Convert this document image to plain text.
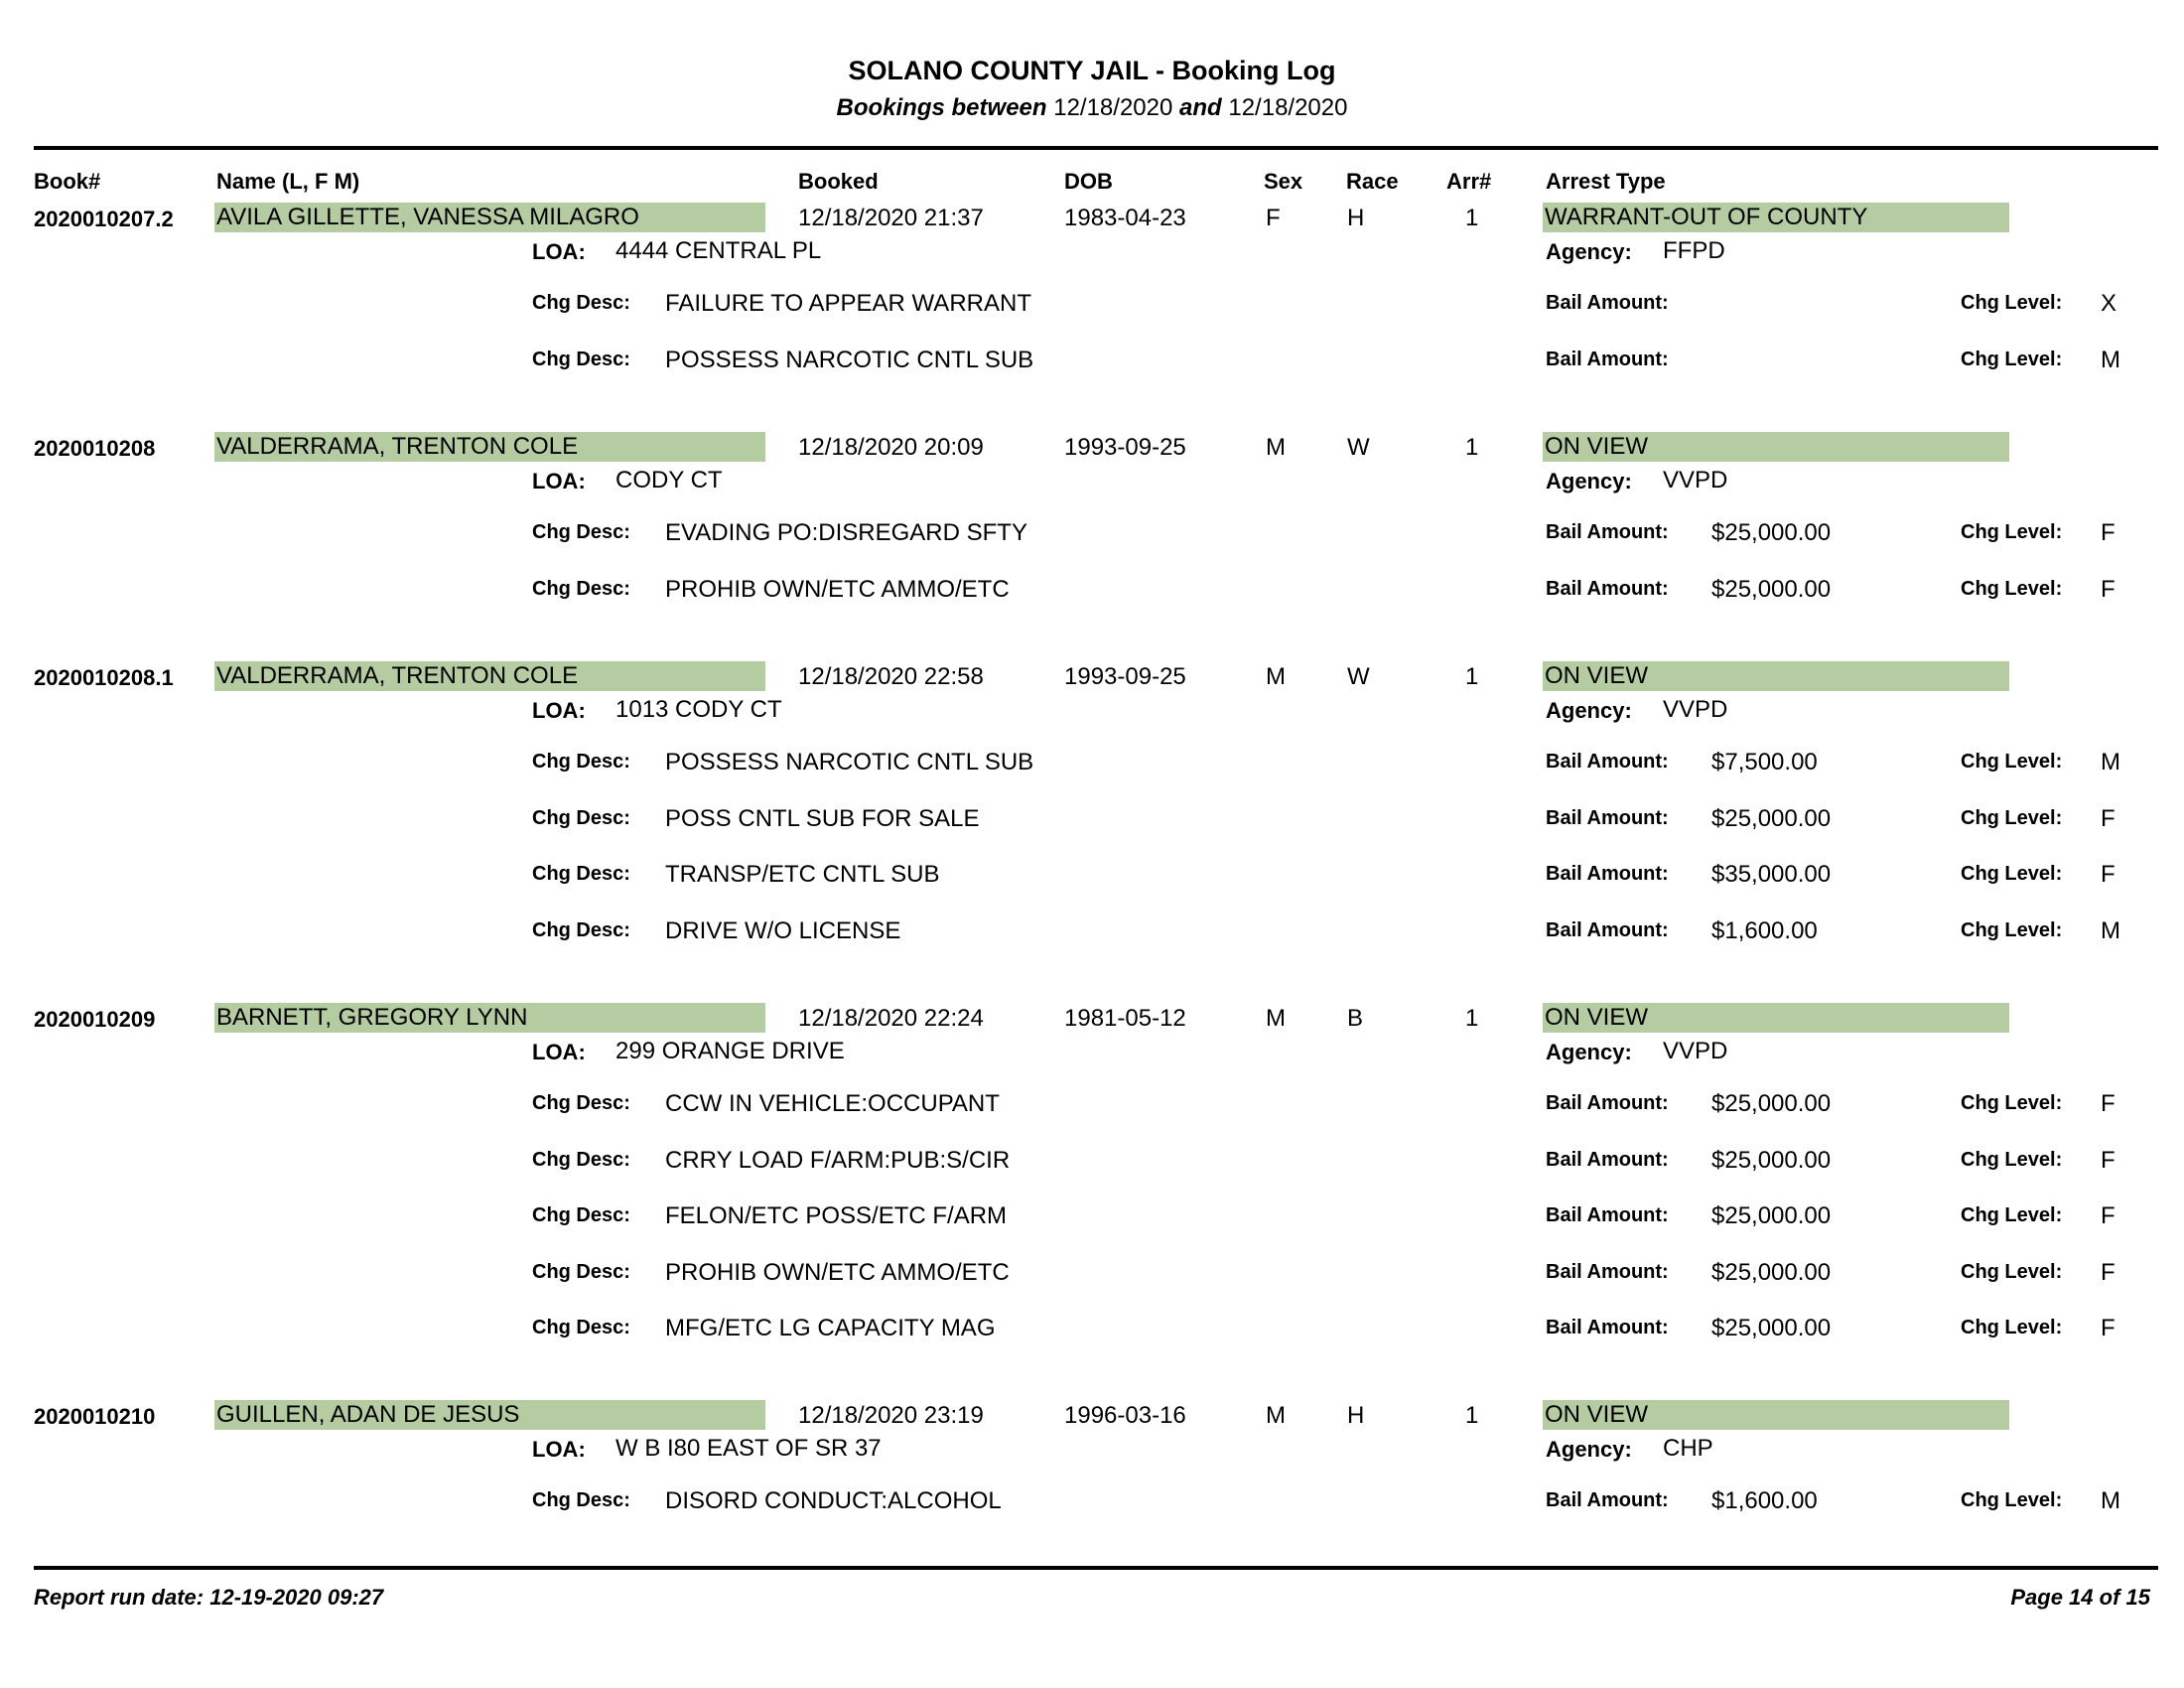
SOLANO COUNTY JAIL - Booking Log
Bookings between 12/18/2020 and 12/18/2020
Book#	Name (L, F M)	Booked	DOB	Sex Race Arr# Arrest Type
2020010207.2 AVILA GILLETTE, VANESSA MILAGRO	12/18/2020 21:37	1983-04-23	F	H	1	WARRANT-OUT OF COUNTY
LOA: 4444 CENTRAL PL	Agency: FFPD
Chg Desc: FAILURE TO APPEAR WARRANT	Bail Amount:	Chg Level: X
Chg Desc: POSSESS NARCOTIC CNTL SUB	Bail Amount:	Chg Level: M
2020010208	VALDERRAMA, TRENTON COLE	12/18/2020 20:09	1993-09-25	M	W	1	ON VIEW
LOA: CODY CT	Agency: VVPD
Chg Desc: EVADING PO:DISREGARD SFTY	Bail Amount: $25,000.00	Chg Level: F
Chg Desc: PROHIB OWN/ETC AMMO/ETC	Bail Amount: $25,000.00	Chg Level: F
2020010208.1 VALDERRAMA, TRENTON COLE	12/18/2020 22:58	1993-09-25	M	W	1	ON VIEW
LOA: 1013 CODY CT	Agency: VVPD
Chg Desc: POSSESS NARCOTIC CNTL SUB	Bail Amount: $7,500.00	Chg Level: M
Chg Desc: POSS CNTL SUB FOR SALE	Bail Amount: $25,000.00	Chg Level: F
Chg Desc: TRANSP/ETC CNTL SUB	Bail Amount: $35,000.00	Chg Level: F
Chg Desc: DRIVE W/O LICENSE	Bail Amount: $1,600.00	Chg Level: M
2020010209	BARNETT, GREGORY LYNN	12/18/2020 22:24	1981-05-12	M	B	1	ON VIEW
LOA: 299 ORANGE DRIVE	Agency: VVPD
Chg Desc: CCW IN VEHICLE:OCCUPANT	Bail Amount: $25,000.00	Chg Level: F
Chg Desc: CRRY LOAD F/ARM:PUB:S/CIR	Bail Amount: $25,000.00	Chg Level: F
Chg Desc: FELON/ETC POSS/ETC F/ARM	Bail Amount: $25,000.00	Chg Level: F
Chg Desc: PROHIB OWN/ETC AMMO/ETC	Bail Amount: $25,000.00	Chg Level: F
Chg Desc: MFG/ETC LG CAPACITY MAG	Bail Amount: $25,000.00	Chg Level: F
2020010210	GUILLEN, ADAN DE JESUS	12/18/2020 23:19	1996-03-16	M	H	1	ON VIEW
LOA: W B I80 EAST OF SR 37	Agency: CHP
Chg Desc: DISORD CONDUCT:ALCOHOL	Bail Amount: $1,600.00	Chg Level: M
Report run date: 12-19-2020 09:27	Page 14 of 15
